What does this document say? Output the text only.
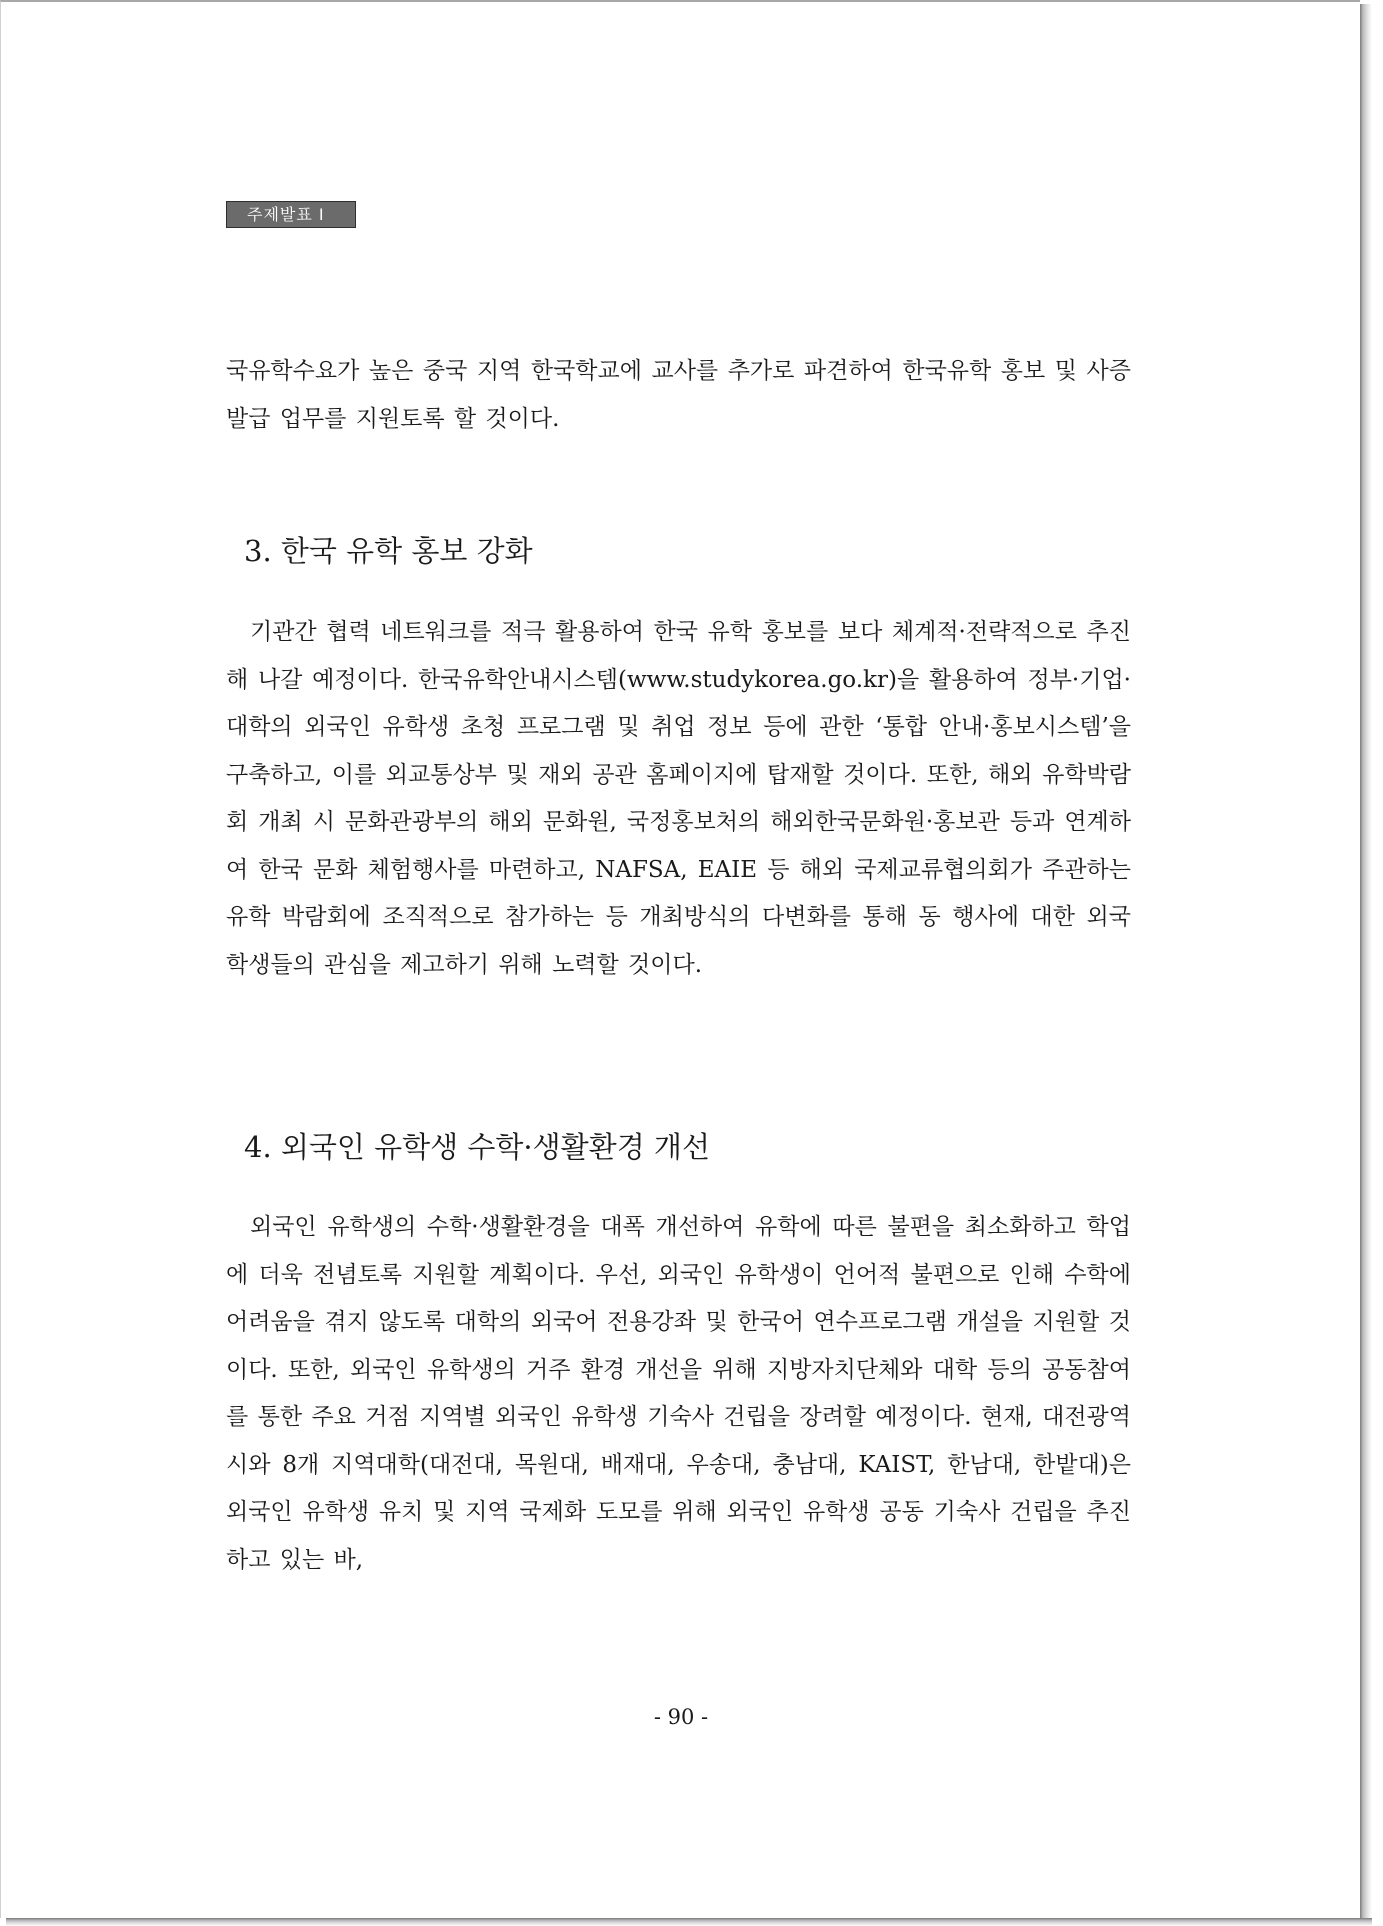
주제발표 Ⅰ

국유학수요가 높은 중국 지역 한국학교에 교사를 추가로 파견하여 한국유학 홍보 및 사증발급 업무를 지원토록 할 것이다.

3. 한국 유학 홍보 강화

기관간 협력 네트워크를 적극 활용하여 한국 유학 홍보를 보다 체계적·전략적으로 추진해 나갈 예정이다. 한국유학안내시스템(www.studykorea.go.kr)을 활용하여 정부·기업·대학의 외국인 유학생 초청 프로그램 및 취업 정보 등에 관한 ‘통합 안내·홍보시스템’을 구축하고, 이를 외교통상부 및 재외 공관 홈페이지에 탑재할 것이다. 또한, 해외 유학박람회 개최 시 문화관광부의 해외 문화원, 국정홍보처의 해외한국문화원·홍보관 등과 연계하여 한국 문화 체험행사를 마련하고, NAFSA, EAIE 등 해외 국제교류협의회가 주관하는 유학 박람회에 조직적으로 참가하는 등 개최방식의 다변화를 통해 동 행사에 대한 외국 학생들의 관심을 제고하기 위해 노력할 것이다.

4. 외국인 유학생 수학·생활환경 개선

외국인 유학생의 수학·생활환경을 대폭 개선하여 유학에 따른 불편을 최소화하고 학업에 더욱 전념토록 지원할 계획이다. 우선, 외국인 유학생이 언어적 불편으로 인해 수학에 어려움을 겪지 않도록 대학의 외국어 전용강좌 및 한국어 연수프로그램 개설을 지원할 것이다. 또한, 외국인 유학생의 거주 환경 개선을 위해 지방자치단체와 대학 등의 공동참여를 통한 주요 거점 지역별 외국인 유학생 기숙사 건립을 장려할 예정이다. 현재, 대전광역시와 8개 지역대학(대전대, 목원대, 배재대, 우송대, 충남대, KAIST, 한남대, 한밭대)은 외국인 유학생 유치 및 지역 국제화 도모를 위해 외국인 유학생 공동 기숙사 건립을 추진하고 있는 바,

- 90 -
